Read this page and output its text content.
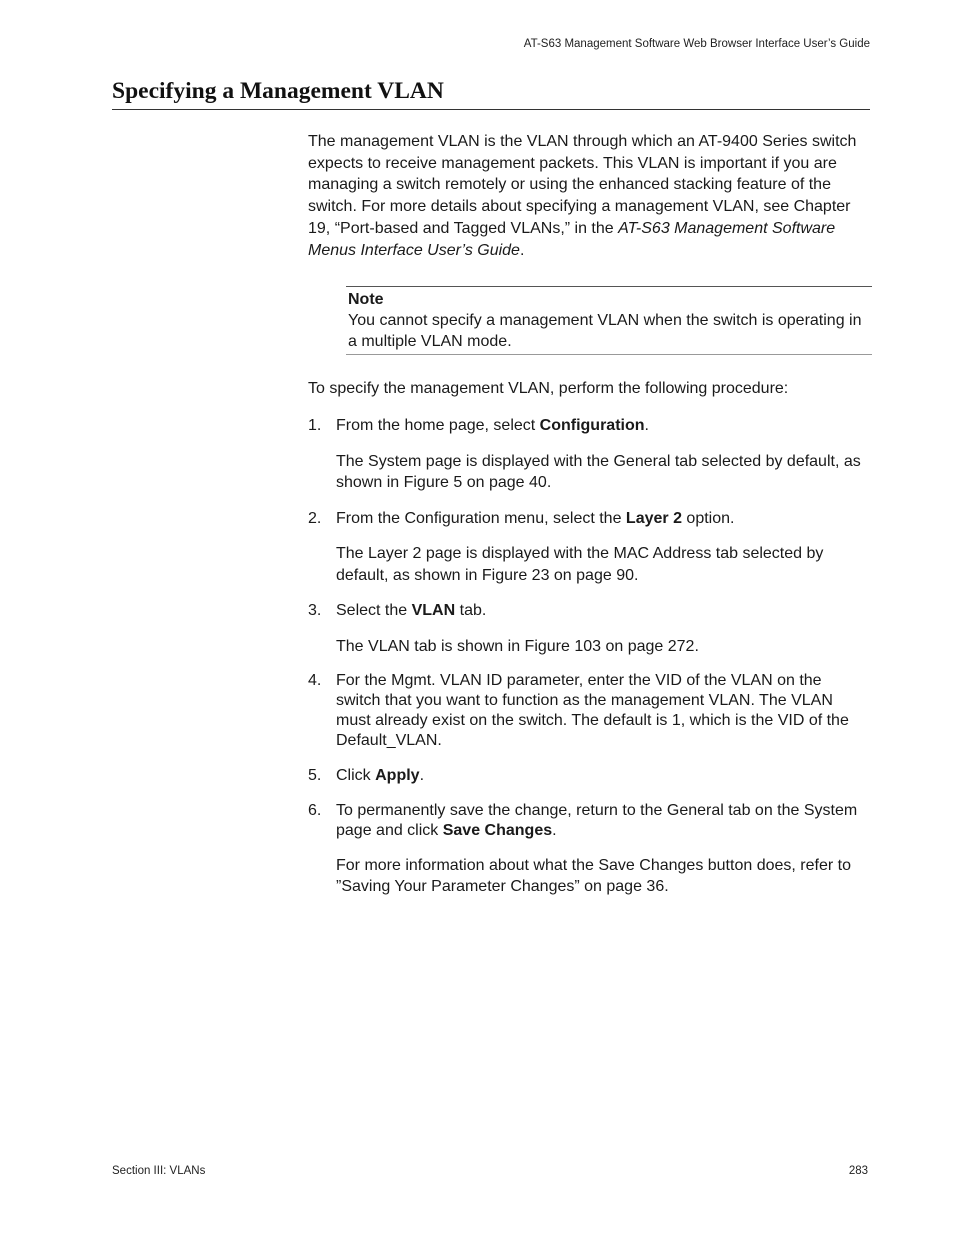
AT-S63 Management Software Web Browser Interface User’s Guide
Specifying a Management VLAN

The management VLAN is the VLAN through which an AT-9400 Series switch expects to receive management packets. This VLAN is important if you are managing a switch remotely or using the enhanced stacking feature of the switch. For more details about specifying a management VLAN, see Chapter 19, “Port-based and Tagged VLANs,” in the AT-S63 Management Software Menus Interface User’s Guide.

Note
You cannot specify a management VLAN when the switch is operating in a multiple VLAN mode.

To specify the management VLAN, perform the following procedure:

1. From the home page, select Configuration.

The System page is displayed with the General tab selected by default, as shown in Figure 5 on page 40.

2. From the Configuration menu, select the Layer 2 option.

The Layer 2 page is displayed with the MAC Address tab selected by default, as shown in Figure 23 on page 90.

3. Select the VLAN tab.

The VLAN tab is shown in Figure 103 on page 272.

4. For the Mgmt. VLAN ID parameter, enter the VID of the VLAN on the switch that you want to function as the management VLAN. The VLAN must already exist on the switch. The default is 1, which is the VID of the Default_VLAN.

5. Click Apply.

6. To permanently save the change, return to the General tab on the System page and click Save Changes.

For more information about what the Save Changes button does, refer to ”Saving Your Parameter Changes” on page 36.

Section III: VLANs	283
